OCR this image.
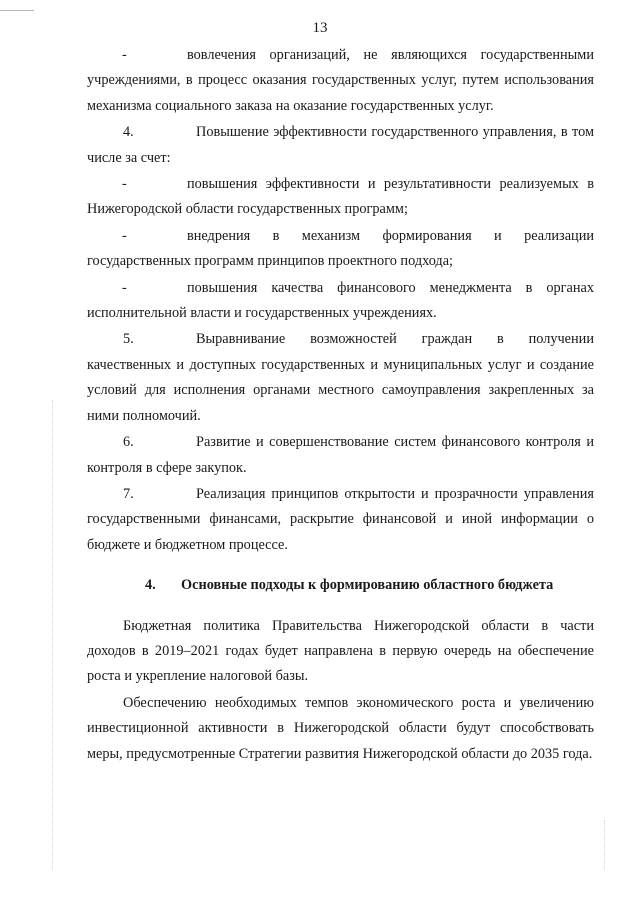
13

-	вовлечения организаций, не являющихся государственными учреждениями, в процесс оказания государственных услуг, путем использования механизма социального заказа на оказание государственных услуг.

4.	Повышение эффективности государственного управления, в том числе за счет:

-	повышения эффективности и результативности реализуемых в Нижегородской области государственных программ;

-	внедрения в механизм формирования и реализации государственных программ принципов проектного подхода;

-	повышения качества финансового менеджмента в органах исполнительной власти и государственных учреждениях.

5.	Выравнивание возможностей граждан в получении качественных и доступных государственных и муниципальных услуг и создание условий для исполнения органами местного самоуправления закрепленных за ними полномочий.

6.	Развитие и совершенствование систем финансового контроля и контроля в сфере закупок.

7.	Реализация принципов открытости и прозрачности управления государственными финансами, раскрытие финансовой и иной информации о бюджете и бюджетном процессе.

4. Основные подходы к формированию областного бюджета

Бюджетная политика Правительства Нижегородской области в части доходов в 2019–2021 годах будет направлена в первую очередь на обеспечение роста и укрепление налоговой базы.

Обеспечению необходимых темпов экономического роста и увеличению инвестиционной активности в Нижегородской области будут способствовать меры, предусмотренные Стратегии развития Нижегородской области до 2035 года.
